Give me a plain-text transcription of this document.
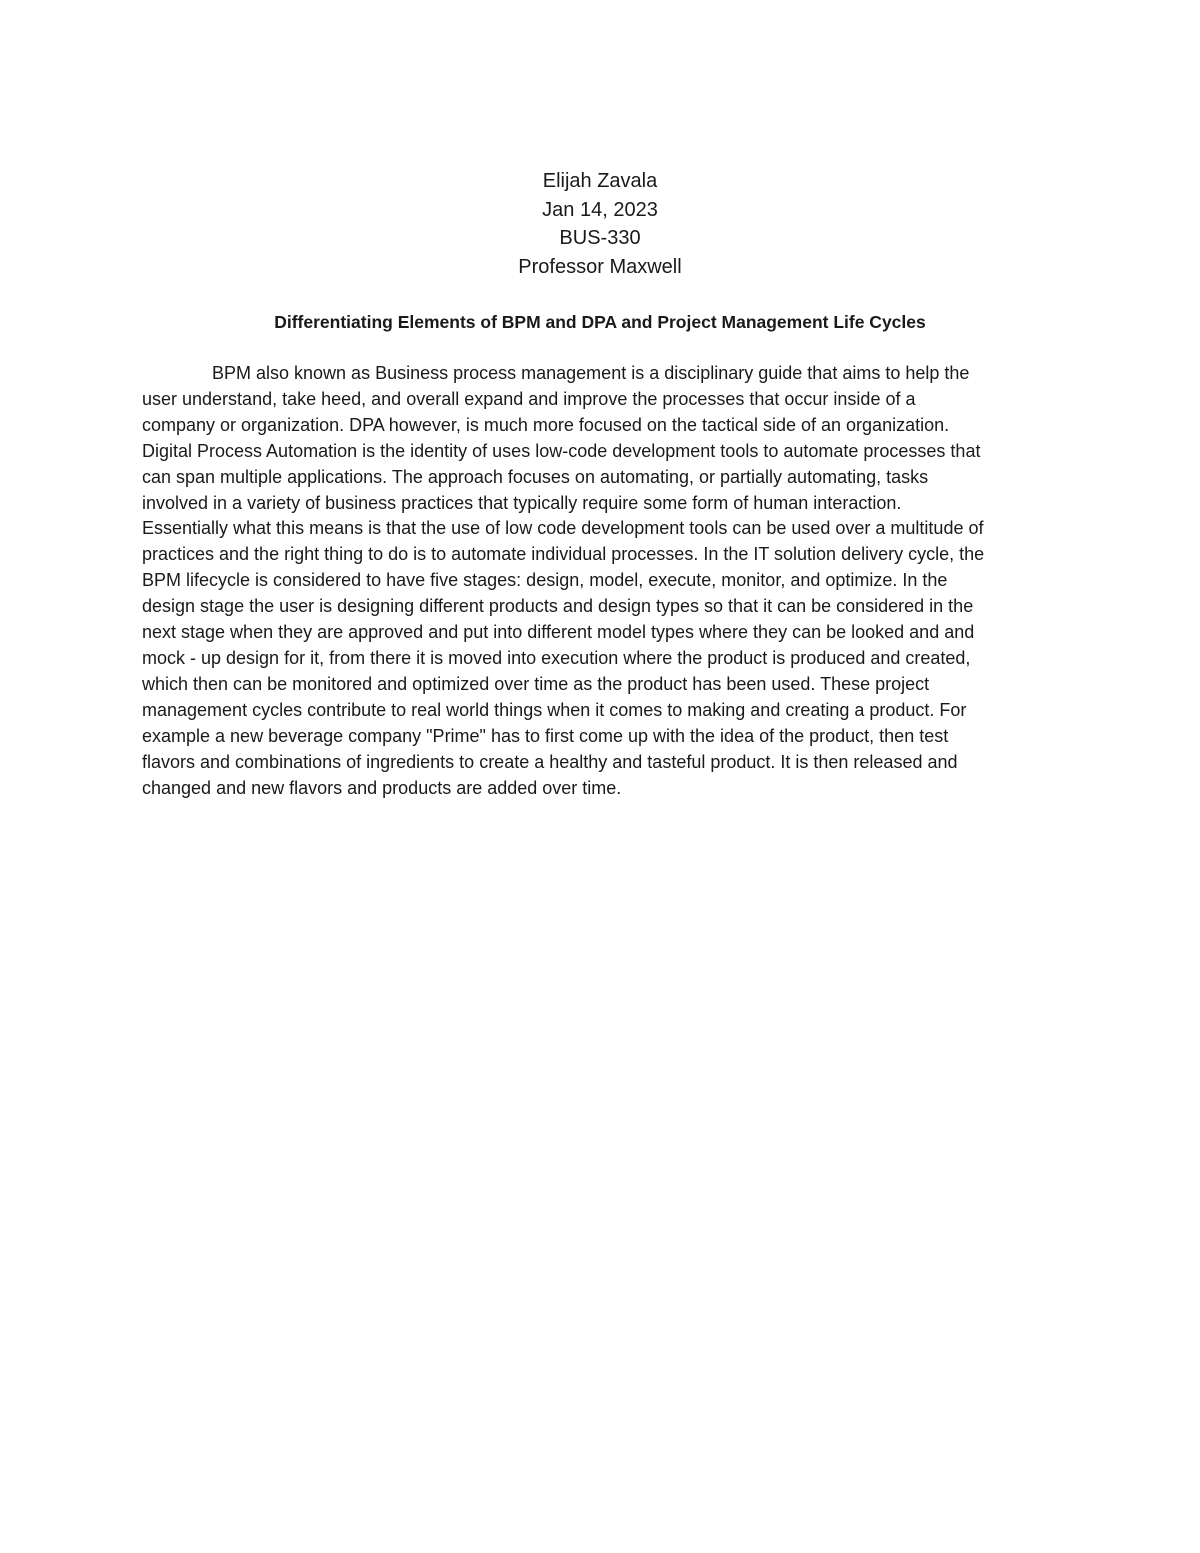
Elijah Zavala
Jan 14, 2023
BUS-330
Professor Maxwell
Differentiating Elements of BPM and DPA and Project Management Life Cycles
BPM also known as Business process management is a disciplinary guide that aims to help the
user understand, take heed, and overall expand and improve the processes that occur inside of a
company or organization. DPA however, is much more focused on the tactical side of an organization.
Digital Process Automation is the identity of uses low-code development tools to automate processes that
can span multiple applications. The approach focuses on automating, or partially automating, tasks
involved in a variety of business practices that typically require some form of human interaction.
Essentially what this means is that the use of low code development tools can be used over a multitude of
practices and the right thing to do is to automate individual processes. In the IT solution delivery cycle, the
BPM lifecycle is considered to have five stages: design, model, execute, monitor, and optimize. In the
design stage the user is designing different products and design types so that it can be considered in the
next stage when they are approved and put into different model types where they can be looked and and
mock - up design for it, from there it is moved into execution where the product is produced and created,
which then can be monitored and optimized over time as the product has been used. These project
management cycles contribute to real world things when it comes to making and creating a product. For
example a new beverage company "Prime" has to first come up with the idea of the product, then test
flavors and combinations of ingredients to create a healthy and tasteful product. It is then released and
changed and new flavors and products are added over time.
